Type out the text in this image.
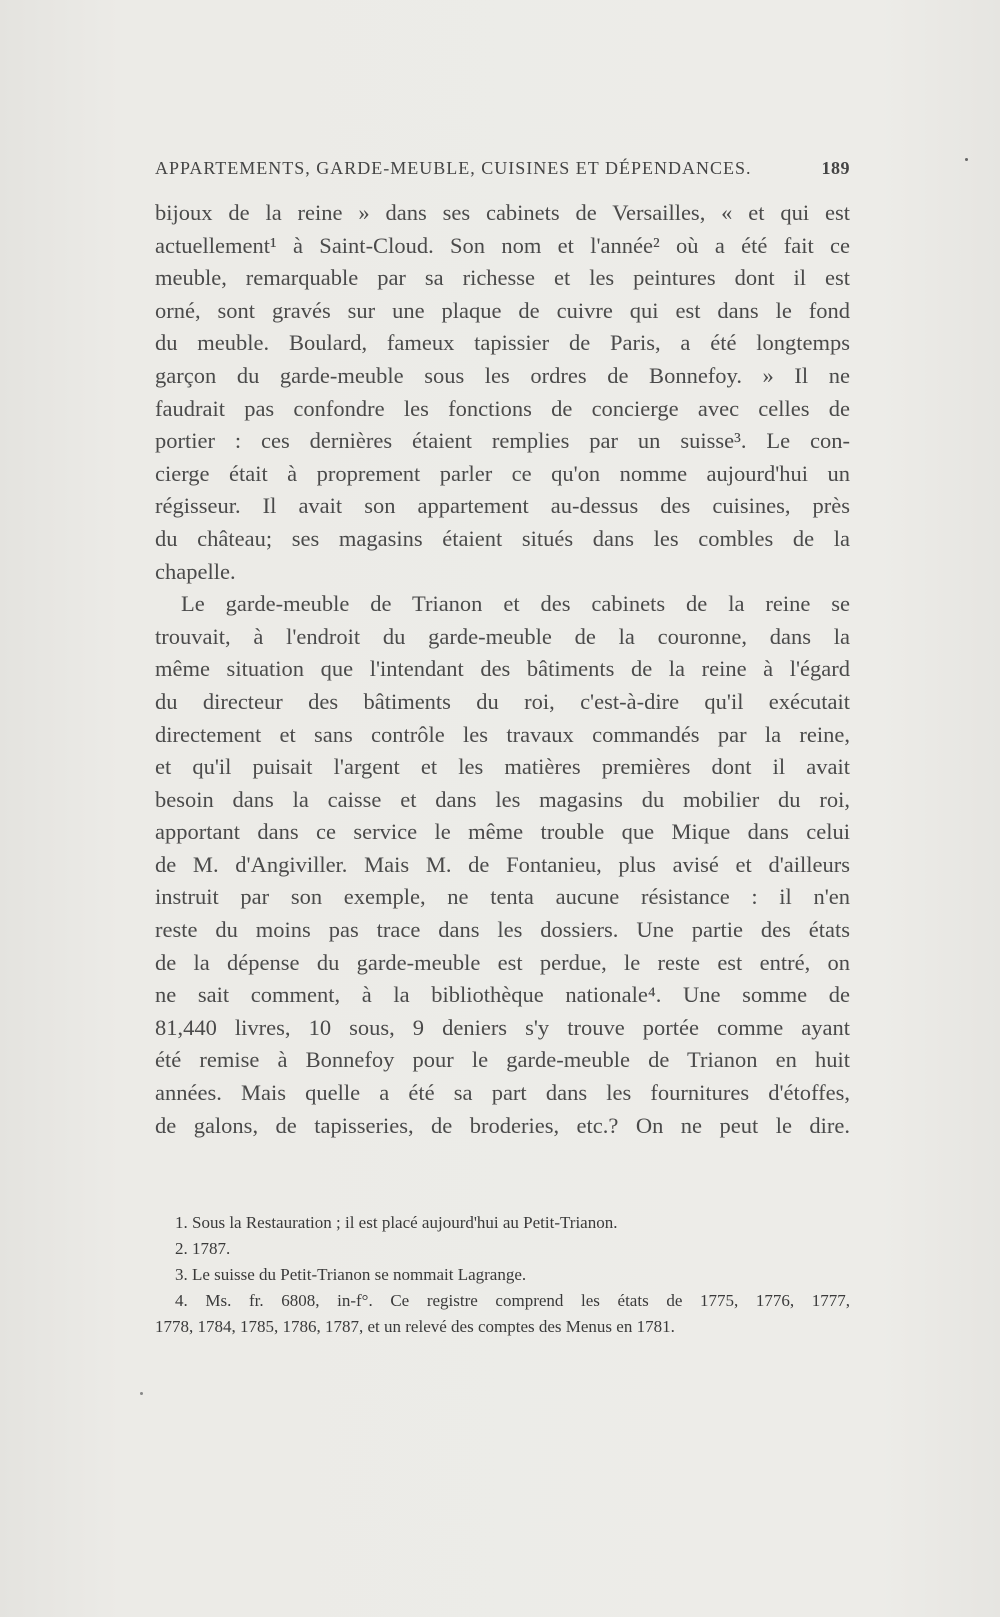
APPARTEMENTS, GARDE-MEUBLE, CUISINES ET DÉPENDANCES.	189
bijoux de la reine » dans ses cabinets de Versailles, « et qui est
actuellement¹ à Saint-Cloud. Son nom et l'année² où a été fait ce
meuble, remarquable par sa richesse et les peintures dont il est
orné, sont gravés sur une plaque de cuivre qui est dans le fond
du meuble. Boulard, fameux tapissier de Paris, a été longtemps
garçon du garde-meuble sous les ordres de Bonnefoy. » Il ne
faudrait pas confondre les fonctions de concierge avec celles de
portier : ces dernières étaient remplies par un suisse³. Le con-
cierge était à proprement parler ce qu'on nomme aujourd'hui un
régisseur. Il avait son appartement au-dessus des cuisines, près
du château; ses magasins étaient situés dans les combles de la
chapelle.
Le garde-meuble de Trianon et des cabinets de la reine se
trouvait, à l'endroit du garde-meuble de la couronne, dans la
même situation que l'intendant des bâtiments de la reine à l'égard
du directeur des bâtiments du roi, c'est-à-dire qu'il exécutait
directement et sans contrôle les travaux commandés par la reine,
et qu'il puisait l'argent et les matières premières dont il avait
besoin dans la caisse et dans les magasins du mobilier du roi,
apportant dans ce service le même trouble que Mique dans celui
de M. d'Angiviller. Mais M. de Fontanieu, plus avisé et d'ailleurs
instruit par son exemple, ne tenta aucune résistance : il n'en
reste du moins pas trace dans les dossiers. Une partie des états
de la dépense du garde-meuble est perdue, le reste est entré, on
ne sait comment, à la bibliothèque nationale⁴. Une somme de
81,440 livres, 10 sous, 9 deniers s'y trouve portée comme ayant
été remise à Bonnefoy pour le garde-meuble de Trianon en huit
années. Mais quelle a été sa part dans les fournitures d'étoffes,
de galons, de tapisseries, de broderies, etc.? On ne peut le dire.
1. Sous la Restauration ; il est placé aujourd'hui au Petit-Trianon.
2. 1787.
3. Le suisse du Petit-Trianon se nommait Lagrange.
4. Ms. fr. 6808, in-f°. Ce registre comprend les états de 1775, 1776, 1777,
1778, 1784, 1785, 1786, 1787, et un relevé des comptes des Menus en 1781.
